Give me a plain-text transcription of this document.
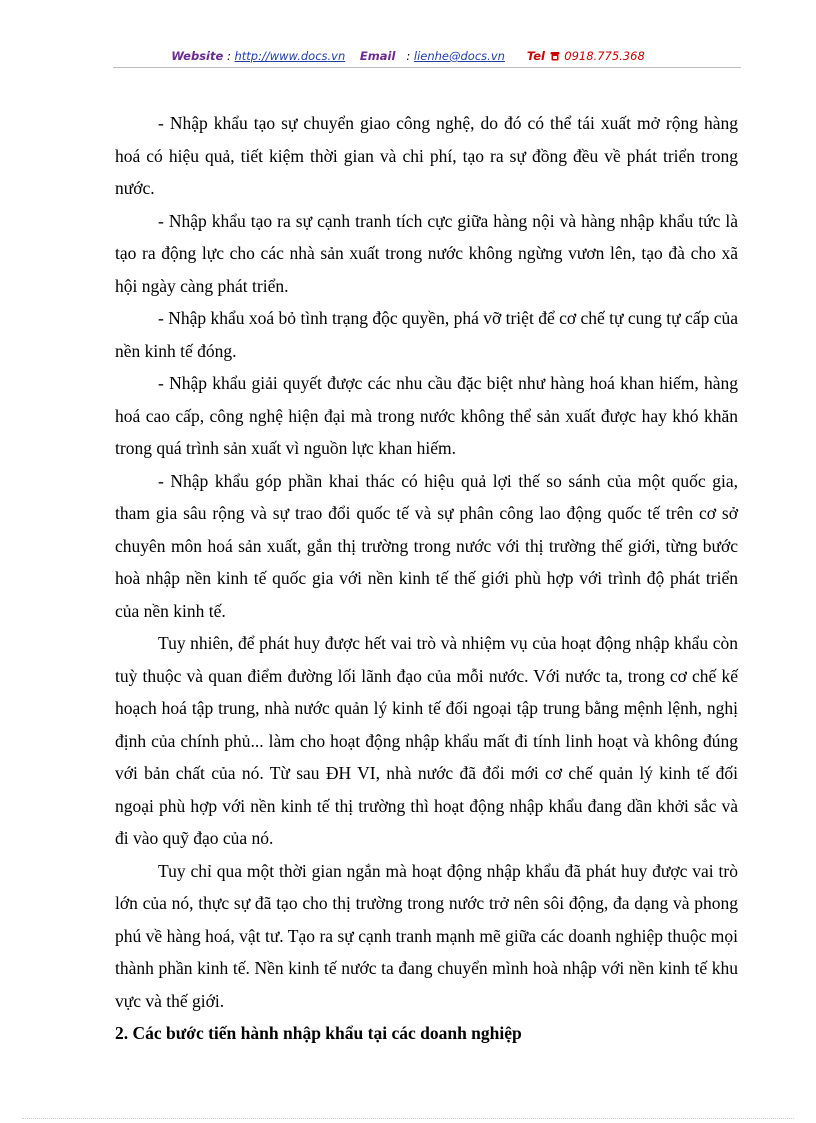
Website : http://www.docs.vn Email   : lienhe@docs.vn Tel 0918.775.368

- Nhập khẩu tạo sự chuyển giao công nghệ, do đó có thể tái xuất mở rộng hàng hoá có hiệu quả, tiết kiệm thời gian và chi phí, tạo ra sự đồng đều về phát triển trong nước.

- Nhập khẩu tạo ra sự cạnh tranh tích cực giữa hàng nội và hàng nhập khẩu tức là tạo ra động lực cho các nhà sản xuất trong nước không ngừng vươn lên, tạo đà cho xã hội ngày càng phát triển.

- Nhập khẩu xoá bỏ tình trạng độc quyền, phá vỡ triệt để cơ chế tự cung tự cấp của nền kinh tế đóng.

- Nhập khẩu giải quyết được các nhu cầu đặc biệt như hàng hoá khan hiếm, hàng hoá cao cấp, công nghệ hiện đại mà trong nước không thể sản xuất được hay khó khăn trong quá trình sản xuất vì nguồn lực khan hiếm.

- Nhập khẩu góp phần khai thác có hiệu quả lợi thế so sánh của một quốc gia, tham gia sâu rộng và sự trao đổi quốc tế và sự phân công lao động quốc tế trên cơ sở chuyên môn hoá sản xuất, gắn thị trường trong nước với thị trường thế giới, từng bước hoà nhập nền kinh tế quốc gia với nền kinh tế thế giới phù hợp với trình độ phát triển của nền kinh tế.

Tuy nhiên, để phát huy được hết vai trò và nhiệm vụ của hoạt động nhập khẩu còn tuỳ thuộc và quan điểm đường lối lãnh đạo của mỗi nước. Với nước ta, trong cơ chế kế hoạch hoá tập trung, nhà nước quản lý kinh tế đối ngoại tập trung bằng mệnh lệnh, nghị định của chính phủ... làm cho hoạt động nhập khẩu mất đi tính linh hoạt và không đúng với bản chất của nó. Từ sau ĐH VI, nhà nước đã đổi mới cơ chế quản lý kinh tế đối ngoại phù hợp với nền kinh tế thị trường thì hoạt động nhập khẩu đang dần khởi sắc và đi vào quỹ đạo của nó.

Tuy chỉ qua một thời gian ngắn mà hoạt động nhập khẩu đã phát huy được vai trò lớn của nó, thực sự đã tạo cho thị trường trong nước trở nên sôi động, đa dạng và phong phú về hàng hoá, vật tư. Tạo ra sự cạnh tranh mạnh mẽ giữa các doanh nghiệp thuộc mọi thành phần kinh tế. Nền kinh tế nước ta đang chuyển mình hoà nhập với nền kinh tế khu vực và thế giới.

2. Các bước tiến hành nhập khẩu tại các doanh nghiệp
